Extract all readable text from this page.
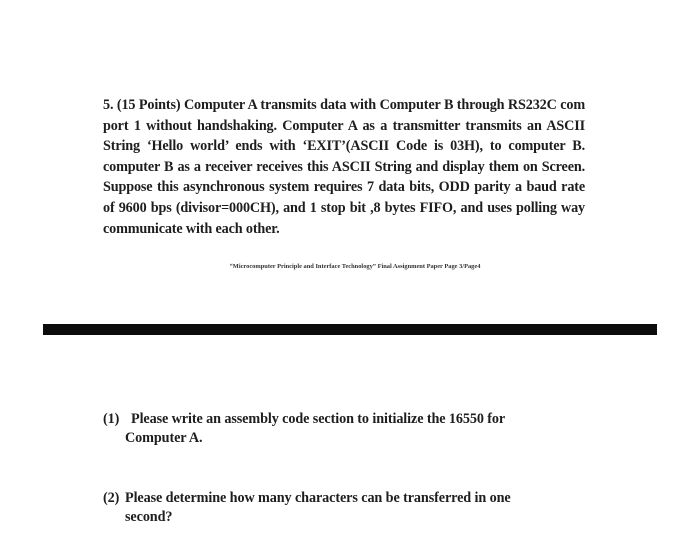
5. (15 Points) Computer A transmits data with Computer B through RS232C com port 1 without handshaking. Computer A as a transmitter transmits an ASCII String ‘Hello world’ ends with ‘EXIT’(ASCII Code is 03H), to computer B. computer B as a receiver receives this ASCII String and display them on Screen. Suppose this asynchronous system requires 7 data bits, ODD parity a baud rate of 9600 bps (divisor=000CH), and 1 stop bit ,8 bytes FIFO, and uses polling way communicate with each other.
“Microcomputer Principle and Interface Technology” Final Assignment Paper Page 3/Page4
(1) Please write an assembly code section to initialize the 16550 for
Computer A.
(2) Please determine how many characters can be transferred in one
second?
